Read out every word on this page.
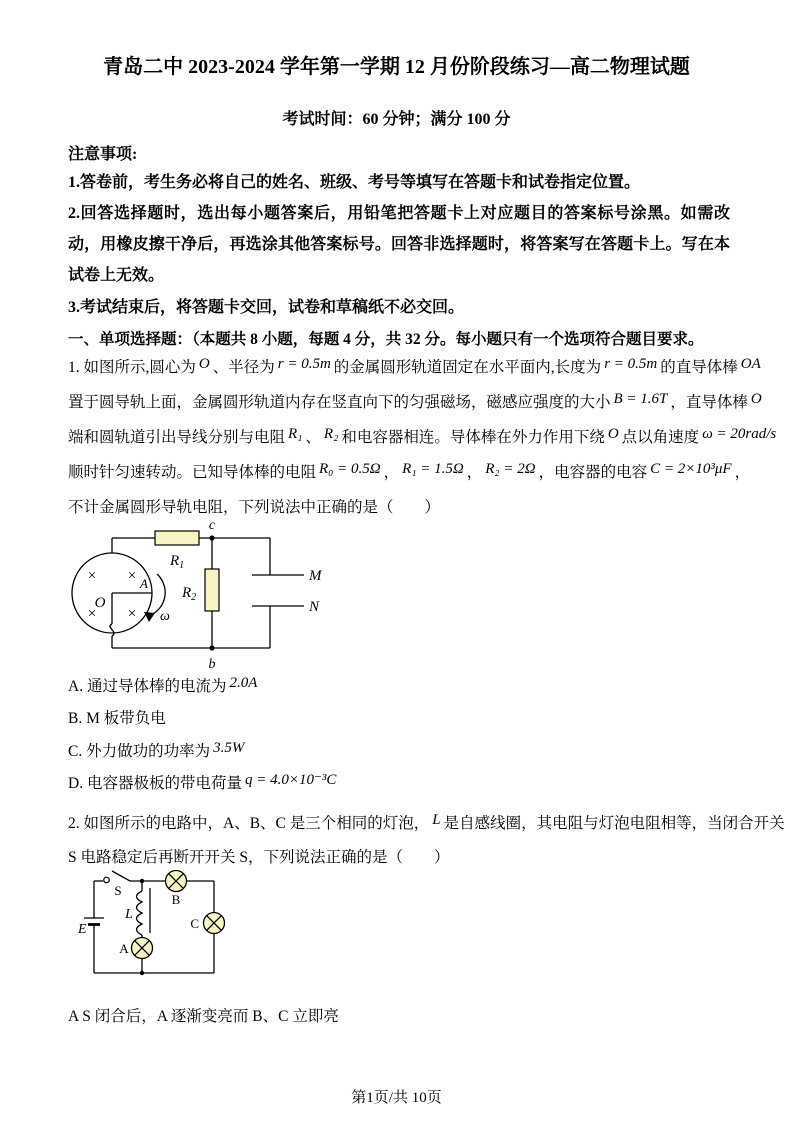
青岛二中 2023-2024 学年第一学期 12 月份阶段练习—高二物理试题
考试时间：60 分钟；满分 100 分
注意事项:
1.答卷前，考生务必将自己的姓名、班级、考号等填写在答题卡和试卷指定位置。
2.回答选择题时，选出每小题答案后，用铅笔把答题卡上对应题目的答案标号涂黑。如需改动，用橡皮擦干净后，再选涂其他答案标号。回答非选择题时，将答案写在答题卡上。写在本试卷上无效。
3.考试结束后，将答题卡交回，试卷和草稿纸不必交回。
一、单项选择题：（本题共 8 小题，每题 4 分，共 32 分。每小题只有一个选项符合题目要求。
1. 如图所示,圆心为 O 、半径为 r = 0.5m 的金属圆形轨道固定在水平面内,长度为 r = 0.5m 的直导体棒 OA
置于圆导轨上面，金属圆形轨道内存在竖直向下的匀强磁场，磁感应强度的大小 B = 1.6T ，直导体棒 O
端和圆轨道引出导线分别与电阻 R₁ 、 R₂ 和电容器相连。导体棒在外力作用下绕 O 点以角速度 ω = 20rad/s
顺时针匀速转动。已知导体棒的电阻 R₀ = 0.5Ω ， R₁ = 1.5Ω ， R₂ = 2Ω ，电容器的电容 C = 2×10³μF ，
不计金属圆形导轨电阻，下列说法中正确的是（　　）
× ×
× ×
c
b
$R_1$
$R_2$
M
N
O
A
ω
A. 通过导体棒的电流为 2.0A
B. M 板带负电
C. 外力做功的功率为 3.5W
D. 电容器极板的带电荷量 q = 4.0×10⁻³C
2. 如图所示的电路中，A、B、C 是三个相同的灯泡， L 是自感线圈，其电阻与灯泡电阻相等，当闭合开关
S 电路稳定后再断开开关 S，下列说法正确的是（　　）
S
E
L
A
B
C
A S 闭合后，A 逐渐变亮而 B、C 立即亮
第1页/共 10页
